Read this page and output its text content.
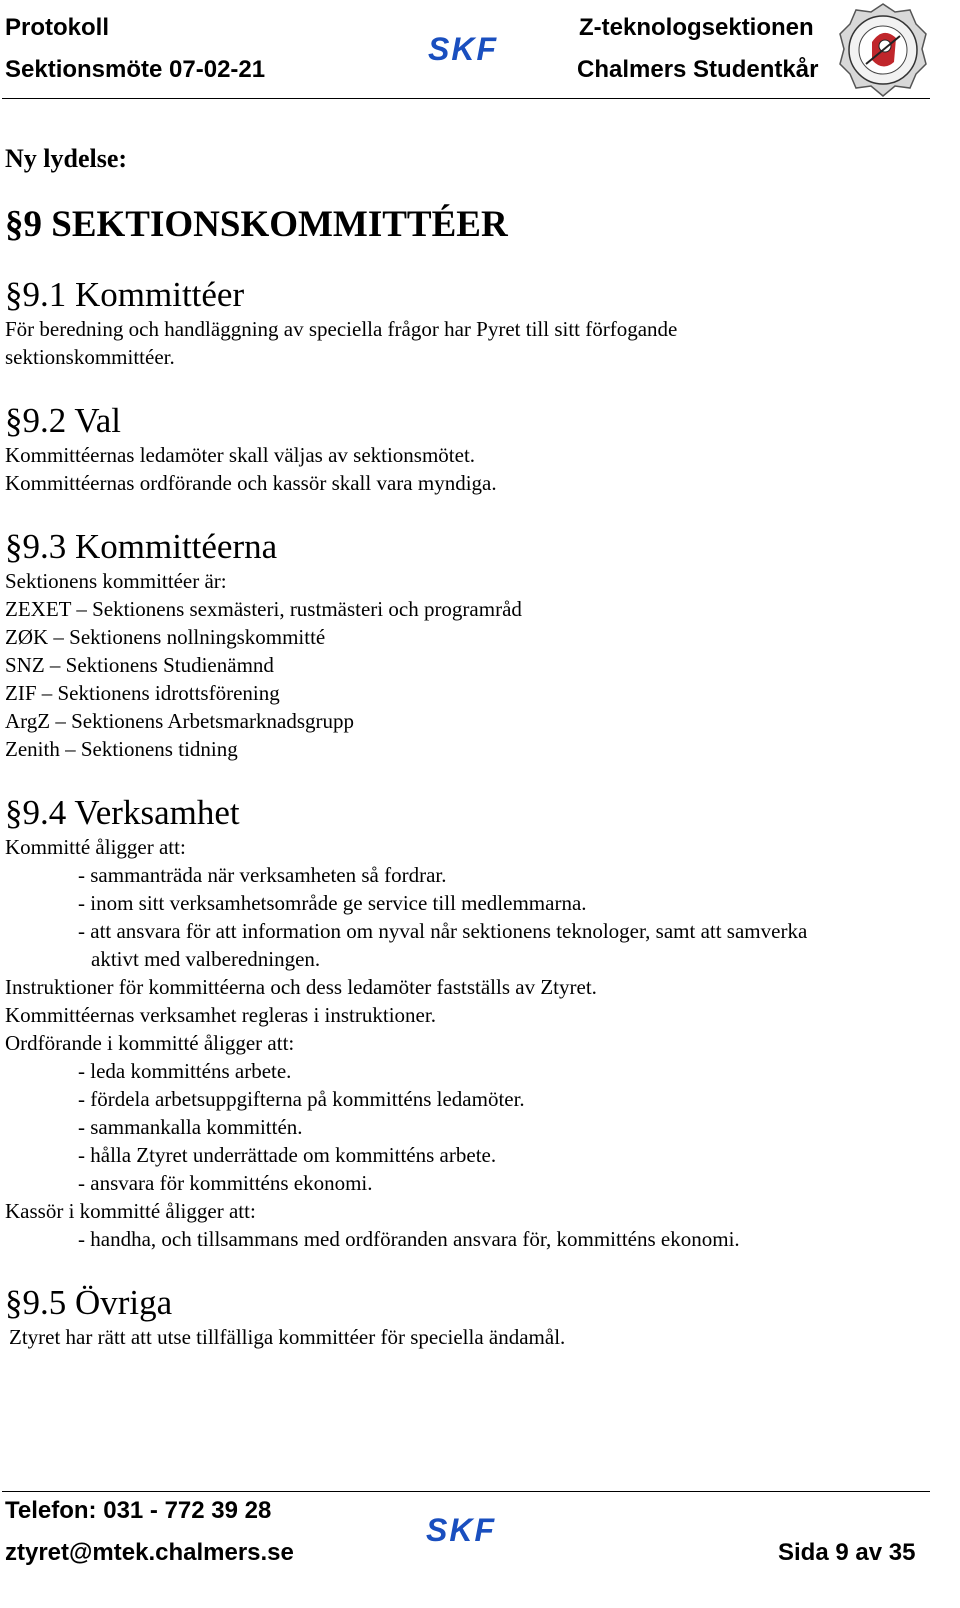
Protokoll
Sektionsmöte 07-02-21
Z-teknologsektionen
Chalmers Studentkår
SKF
Ny lydelse:
§9 SEKTIONSKOMMITTÉER
§9.1 Kommittéer
För beredning och handläggning av speciella frågor har Pyret till sitt förfogande
sektionskommittéer.
§9.2 Val
Kommittéernas ledamöter skall väljas av sektionsmötet.
Kommittéernas ordförande och kassör skall vara myndiga.
§9.3 Kommittéerna
Sektionens kommittéer är:
ZEXET – Sektionens sexmästeri, rustmästeri och programråd
ZØK – Sektionens nollningskommitté
SNZ – Sektionens Studienämnd
ZIF – Sektionens idrottsförening
ArgZ – Sektionens Arbetsmarknadsgrupp
Zenith – Sektionens tidning
§9.4 Verksamhet
Kommitté åligger att:
- sammanträda när verksamheten så fordrar.
- inom sitt verksamhetsområde ge service till medlemmarna.
- att ansvara för att information om nyval når sektionens teknologer, samt att samverka
aktivt med valberedningen.
Instruktioner för kommittéerna och dess ledamöter fastställs av Ztyret.
Kommittéernas verksamhet regleras i instruktioner.
Ordförande i kommitté åligger att:
- leda kommitténs arbete.
- fördela arbetsuppgifterna på kommitténs ledamöter.
- sammankalla kommittén.
- hålla Ztyret underrättade om kommitténs arbete.
- ansvara för kommitténs ekonomi.
Kassör i kommitté åligger att:
- handha, och tillsammans med ordföranden ansvara för, kommitténs ekonomi.
§9.5 Övriga
Ztyret har rätt att utse tillfälliga kommittéer för speciella ändamål.
Telefon: 031 - 772 39 28
ztyret@mtek.chalmers.se	Sida 9 av 35
SKF
